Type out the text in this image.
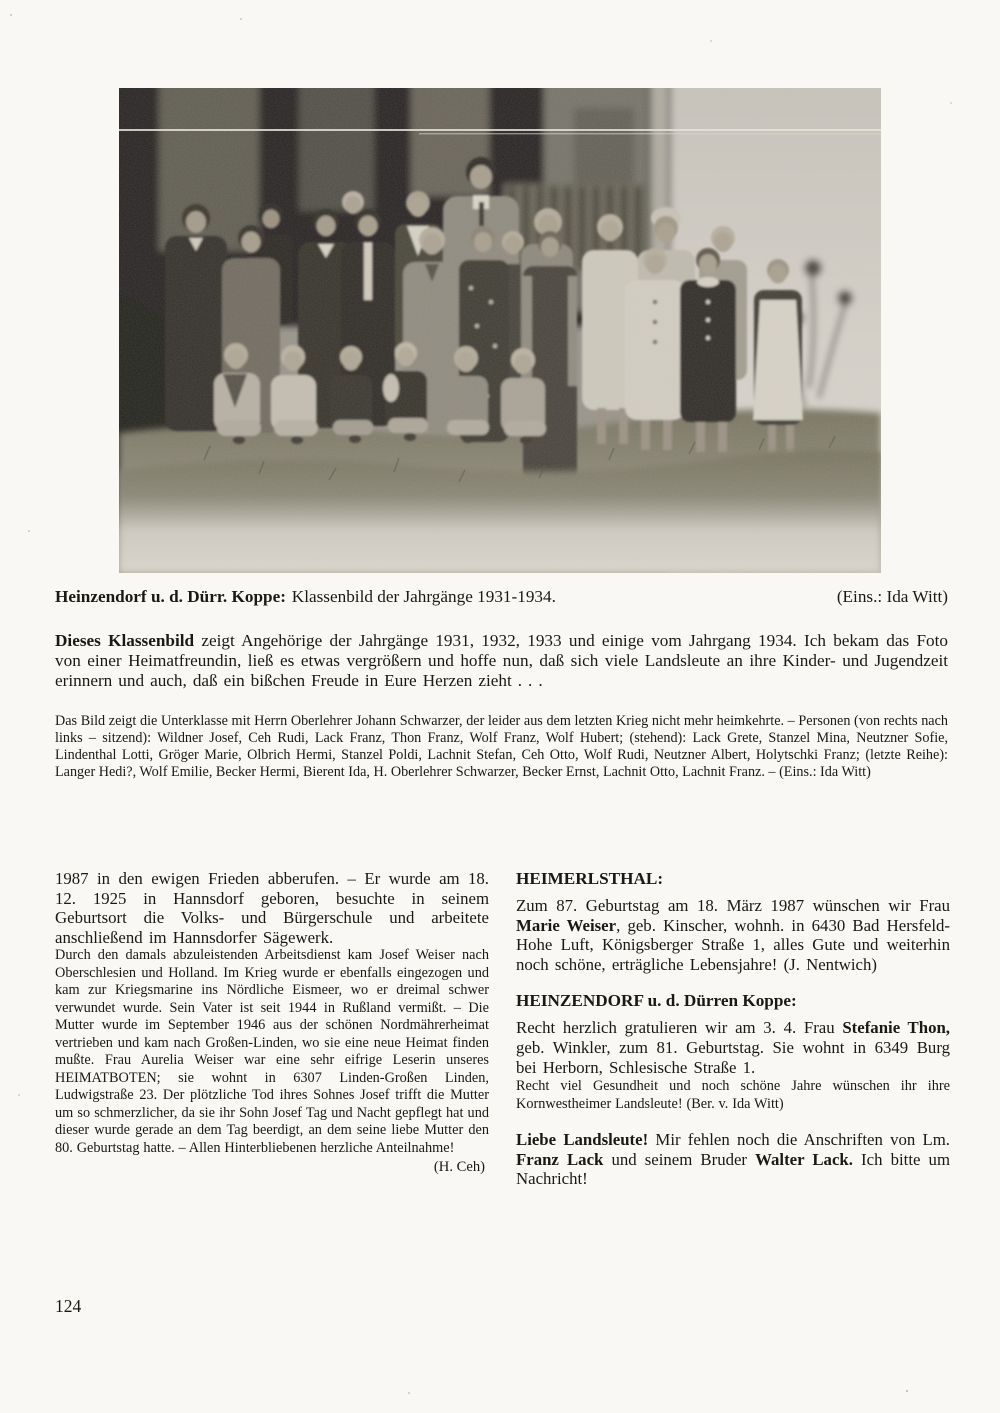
Heinzendorf u. d. Dürr. Koppe: Klassenbild der Jahrgänge 1931-1934.	(Eins.: Ida Witt)

Dieses Klassenbild zeigt Angehörige der Jahrgänge 1931, 1932, 1933 und einige vom Jahrgang 1934. Ich bekam das Foto von einer Heimatfreundin, ließ es etwas vergrößern und hoffe nun, daß sich viele Landsleute an ihre Kinder- und Jugendzeit erinnern und auch, daß ein bißchen Freude in Eure Herzen zieht . . .

Das Bild zeigt die Unterklasse mit Herrn Oberlehrer Johann Schwarzer, der leider aus dem letzten Krieg nicht mehr heimkehrte. – Personen (von rechts nach links – sitzend): Wildner Josef, Ceh Rudi, Lack Franz, Thon Franz, Wolf Franz, Wolf Hubert; (stehend): Lack Grete, Stanzel Mina, Neutzner Sofie, Lindenthal Lotti, Gröger Marie, Olbrich Hermi, Stanzel Poldi, Lachnit Stefan, Ceh Otto, Wolf Rudi, Neutzner Albert, Holytschki Franz; (letzte Reihe): Langer Hedi?, Wolf Emilie, Becker Hermi, Bierent Ida, H. Oberlehrer Schwarzer, Becker Ernst, Lachnit Otto, Lachnit Franz. – (Eins.: Ida Witt)

1987 in den ewigen Frieden abberufen. – Er wurde am 18. 12. 1925 in Hannsdorf geboren, besuchte in seinem Geburtsort die Volks- und Bürgerschule und arbeitete anschließend im Hannsdorfer Sägewerk.

Durch den damals abzuleistenden Arbeitsdienst kam Josef Weiser nach Oberschlesien und Holland. Im Krieg wurde er ebenfalls eingezogen und kam zur Kriegsmarine ins Nördliche Eismeer, wo er dreimal schwer verwundet wurde. Sein Vater ist seit 1944 in Rußland vermißt. – Die Mutter wurde im September 1946 aus der schönen Nordmährerheimat vertrieben und kam nach Großen-Linden, wo sie eine neue Heimat finden mußte. Frau Aurelia Weiser war eine sehr eifrige Leserin unseres HEIMATBOTEN; sie wohnt in 6307 Linden-Großen Linden, Ludwigstraße 23. Der plötzliche Tod ihres Sohnes Josef trifft die Mutter um so schmerzlicher, da sie ihr Sohn Josef Tag und Nacht gepflegt hat und dieser wurde gerade an dem Tag beerdigt, an dem seine liebe Mutter den 80. Geburtstag hatte. – Allen Hinterbliebenen herzliche Anteilnahme!

(H. Ceh)

HEIMERLSTHAL:

Zum 87. Geburtstag am 18. März 1987 wünschen wir Frau Marie Weiser, geb. Kinscher, wohnh. in 6430 Bad Hersfeld-Hohe Luft, Königsberger Straße 1, alles Gute und weiterhin noch schöne, erträgliche Lebensjahre! (J. Nentwich)

HEINZENDORF u. d. Dürren Koppe:

Recht herzlich gratulieren wir am 3. 4. Frau Stefanie Thon, geb. Winkler, zum 81. Geburtstag. Sie wohnt in 6349 Burg bei Herborn, Schlesische Straße 1.

Recht viel Gesundheit und noch schöne Jahre wünschen ihr ihre Kornwestheimer Landsleute! (Ber. v. Ida Witt)

Liebe Landsleute! Mir fehlen noch die Anschriften von Lm. Franz Lack und seinem Bruder Walter Lack. Ich bitte um Nachricht!

124
